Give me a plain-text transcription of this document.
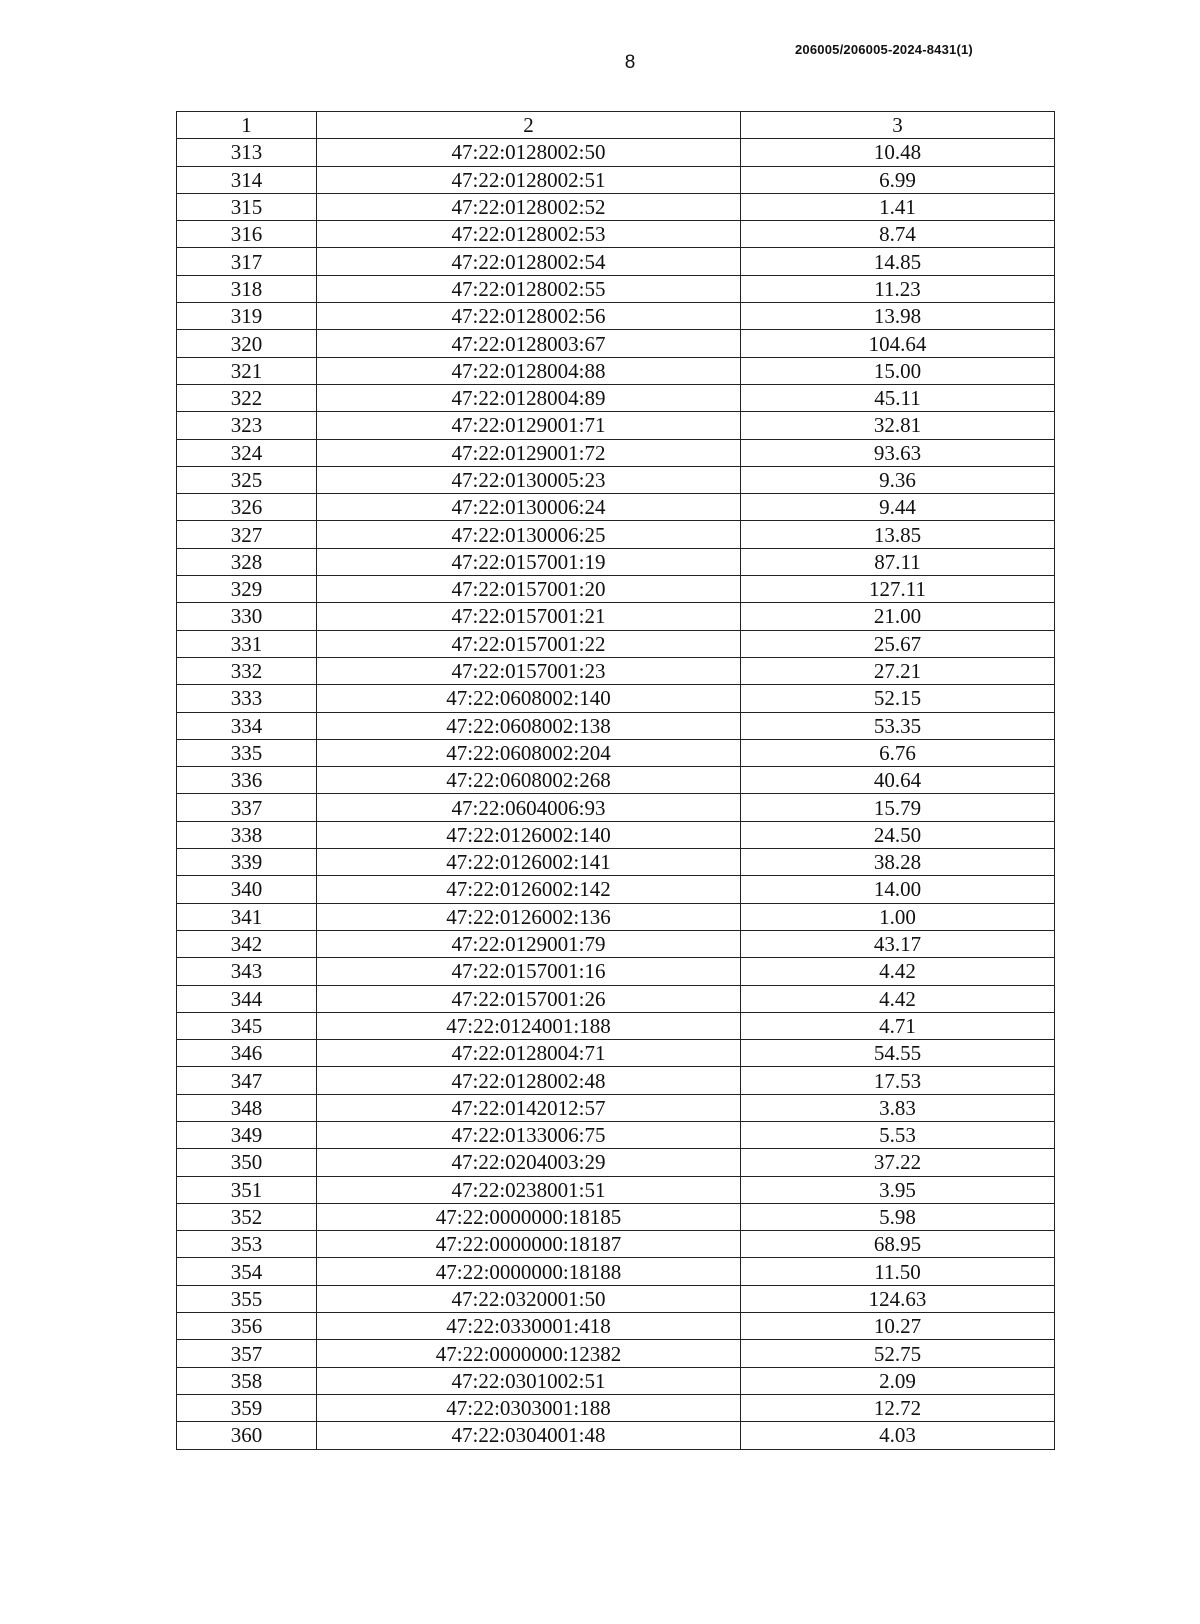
8
206005/206005-2024-8431(1)
1	2	3
313	47:22:0128002:50	10.48
314	47:22:0128002:51	6.99
315	47:22:0128002:52	1.41
316	47:22:0128002:53	8.74
317	47:22:0128002:54	14.85
318	47:22:0128002:55	11.23
319	47:22:0128002:56	13.98
320	47:22:0128003:67	104.64
321	47:22:0128004:88	15.00
322	47:22:0128004:89	45.11
323	47:22:0129001:71	32.81
324	47:22:0129001:72	93.63
325	47:22:0130005:23	9.36
326	47:22:0130006:24	9.44
327	47:22:0130006:25	13.85
328	47:22:0157001:19	87.11
329	47:22:0157001:20	127.11
330	47:22:0157001:21	21.00
331	47:22:0157001:22	25.67
332	47:22:0157001:23	27.21
333	47:22:0608002:140	52.15
334	47:22:0608002:138	53.35
335	47:22:0608002:204	6.76
336	47:22:0608002:268	40.64
337	47:22:0604006:93	15.79
338	47:22:0126002:140	24.50
339	47:22:0126002:141	38.28
340	47:22:0126002:142	14.00
341	47:22:0126002:136	1.00
342	47:22:0129001:79	43.17
343	47:22:0157001:16	4.42
344	47:22:0157001:26	4.42
345	47:22:0124001:188	4.71
346	47:22:0128004:71	54.55
347	47:22:0128002:48	17.53
348	47:22:0142012:57	3.83
349	47:22:0133006:75	5.53
350	47:22:0204003:29	37.22
351	47:22:0238001:51	3.95
352	47:22:0000000:18185	5.98
353	47:22:0000000:18187	68.95
354	47:22:0000000:18188	11.50
355	47:22:0320001:50	124.63
356	47:22:0330001:418	10.27
357	47:22:0000000:12382	52.75
358	47:22:0301002:51	2.09
359	47:22:0303001:188	12.72
360	47:22:0304001:48	4.03
